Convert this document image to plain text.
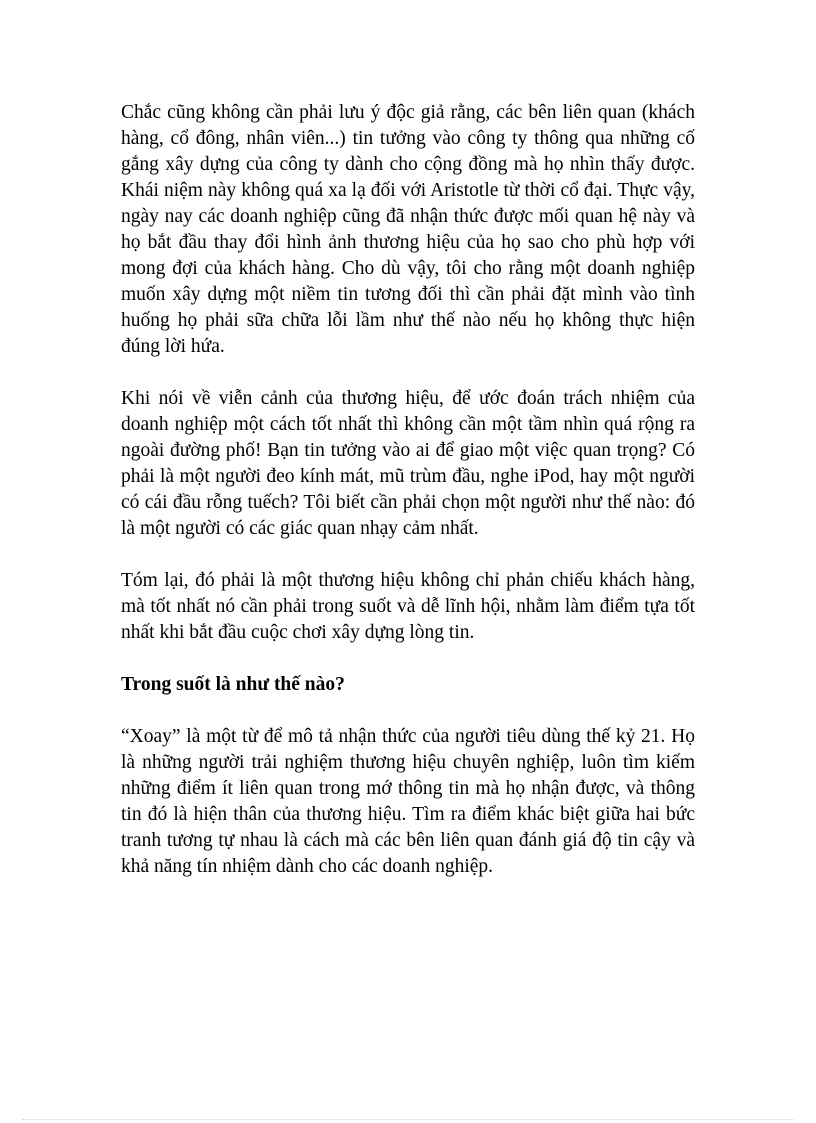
Chắc cũng không cần phải lưu ý độc giả rằng, các bên liên quan (khách hàng, cổ đông, nhân viên...) tin tưởng vào công ty thông qua những cố gắng xây dựng của công ty dành cho cộng đồng mà họ nhìn thấy được. Khái niệm này không quá xa lạ đối với Aristotle từ thời cổ đại. Thực vậy, ngày nay các doanh nghiệp cũng đã nhận thức được mối quan hệ này và họ bắt đầu thay đổi hình ảnh thương hiệu của họ sao cho phù hợp với mong đợi của khách hàng. Cho dù vậy, tôi cho rằng một doanh nghiệp muốn xây dựng một niềm tin tương đối thì cần phải đặt mình vào tình huống họ phải sữa chữa lỗi lầm như thế nào nếu họ không thực hiện đúng lời hứa.

Khi nói về viễn cảnh của thương hiệu, để ước đoán trách nhiệm của doanh nghiệp một cách tốt nhất thì không cần một tầm nhìn quá rộng ra ngoài đường phố! Bạn tin tưởng vào ai để giao một việc quan trọng? Có phải là một người đeo kính mát, mũ trùm đầu, nghe iPod, hay một người có cái đầu rỗng tuếch? Tôi biết cần phải chọn một người như thế nào: đó là một người có các giác quan nhạy cảm nhất.

Tóm lại, đó phải là một thương hiệu không chỉ phản chiếu khách hàng, mà tốt nhất nó cần phải trong suốt và dễ lĩnh hội, nhằm làm điểm tựa tốt nhất khi bắt đầu cuộc chơi xây dựng lòng tin.

Trong suốt là như thế nào?

“Xoay” là một từ để mô tả nhận thức của người tiêu dùng thế kỷ 21. Họ là những người trải nghiệm thương hiệu chuyên nghiệp, luôn tìm kiếm những điểm ít liên quan trong mớ thông tin mà họ nhận được, và thông tin đó là hiện thân của thương hiệu. Tìm ra điểm khác biệt giữa hai bức tranh tương tự nhau là cách mà các bên liên quan đánh giá độ tin cậy và khả năng tín nhiệm dành cho các doanh nghiệp.
